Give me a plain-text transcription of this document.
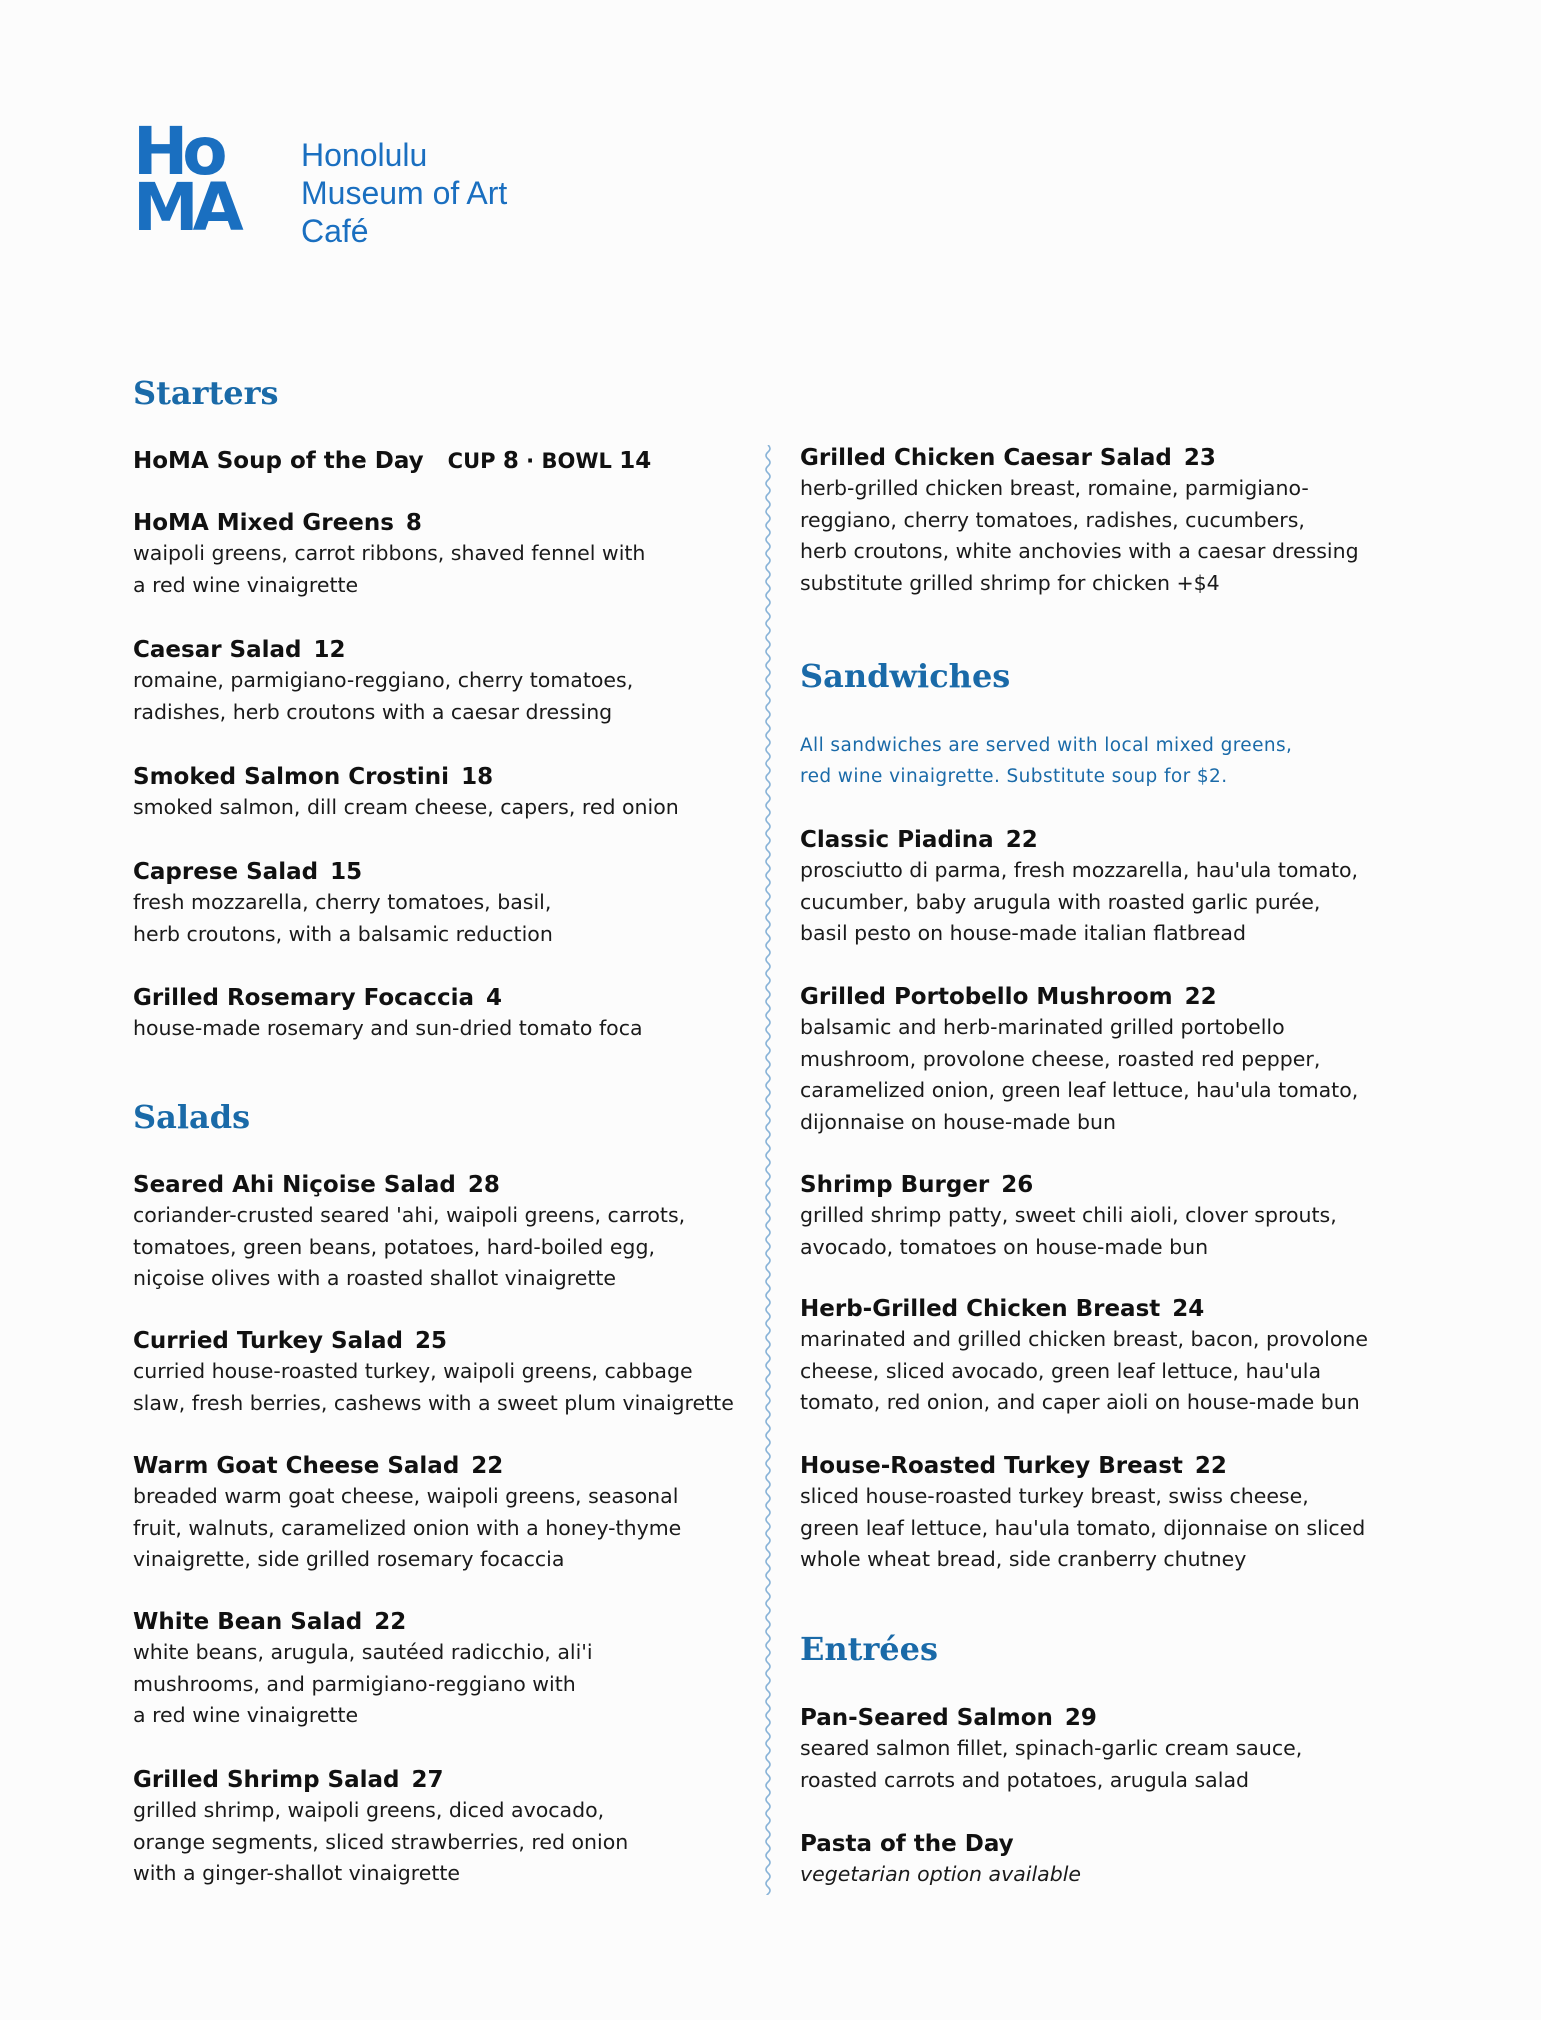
Ho
MA
Honolulu
Museum of Art
Café
Starters
HoMA Soup of the Day CUP 8 · BOWL 14
HoMA Mixed Greens 8
waipoli greens, carrot ribbons, shaved fennel with
a red wine vinaigrette
Caesar Salad 12
romaine, parmigiano-reggiano, cherry tomatoes,
radishes, herb croutons with a caesar dressing
Smoked Salmon Crostini 18
smoked salmon, dill cream cheese, capers, red onion
Caprese Salad 15
fresh mozzarella, cherry tomatoes, basil,
herb croutons, with a balsamic reduction
Grilled Rosemary Focaccia 4
house-made rosemary and sun-dried tomato foca
Salads
Seared Ahi Niçoise Salad 28
coriander-crusted seared 'ahi, waipoli greens, carrots,
tomatoes, green beans, potatoes, hard-boiled egg,
niçoise olives with a roasted shallot vinaigrette
Curried Turkey Salad 25
curried house-roasted turkey, waipoli greens, cabbage
slaw, fresh berries, cashews with a sweet plum vinaigrette
Warm Goat Cheese Salad 22
breaded warm goat cheese, waipoli greens, seasonal
fruit, walnuts, caramelized onion with a honey-thyme
vinaigrette, side grilled rosemary focaccia
White Bean Salad 22
white beans, arugula, sautéed radicchio, ali'i
mushrooms, and parmigiano-reggiano with
a red wine vinaigrette
Grilled Shrimp Salad 27
grilled shrimp, waipoli greens, diced avocado,
orange segments, sliced strawberries, red onion
with a ginger-shallot vinaigrette
Grilled Chicken Caesar Salad 23
herb-grilled chicken breast, romaine, parmigiano-
reggiano, cherry tomatoes, radishes, cucumbers,
herb croutons, white anchovies with a caesar dressing
substitute grilled shrimp for chicken +$4
Sandwiches
All sandwiches are served with local mixed greens,
red wine vinaigrette. Substitute soup for $2.
Classic Piadina 22
prosciutto di parma, fresh mozzarella, hau'ula tomato,
cucumber, baby arugula with roasted garlic purée,
basil pesto on house-made italian flatbread
Grilled Portobello Mushroom 22
balsamic and herb-marinated grilled portobello
mushroom, provolone cheese, roasted red pepper,
caramelized onion, green leaf lettuce, hau'ula tomato,
dijonnaise on house-made bun
Shrimp Burger 26
grilled shrimp patty, sweet chili aioli, clover sprouts,
avocado, tomatoes on house-made bun
Herb-Grilled Chicken Breast 24
marinated and grilled chicken breast, bacon, provolone
cheese, sliced avocado, green leaf lettuce, hau'ula
tomato, red onion, and caper aioli on house-made bun
House-Roasted Turkey Breast 22
sliced house-roasted turkey breast, swiss cheese,
green leaf lettuce, hau'ula tomato, dijonnaise on sliced
whole wheat bread, side cranberry chutney
Entrées
Pan-Seared Salmon 29
seared salmon fillet, spinach-garlic cream sauce,
roasted carrots and potatoes, arugula salad
Pasta of the Day
vegetarian option available
